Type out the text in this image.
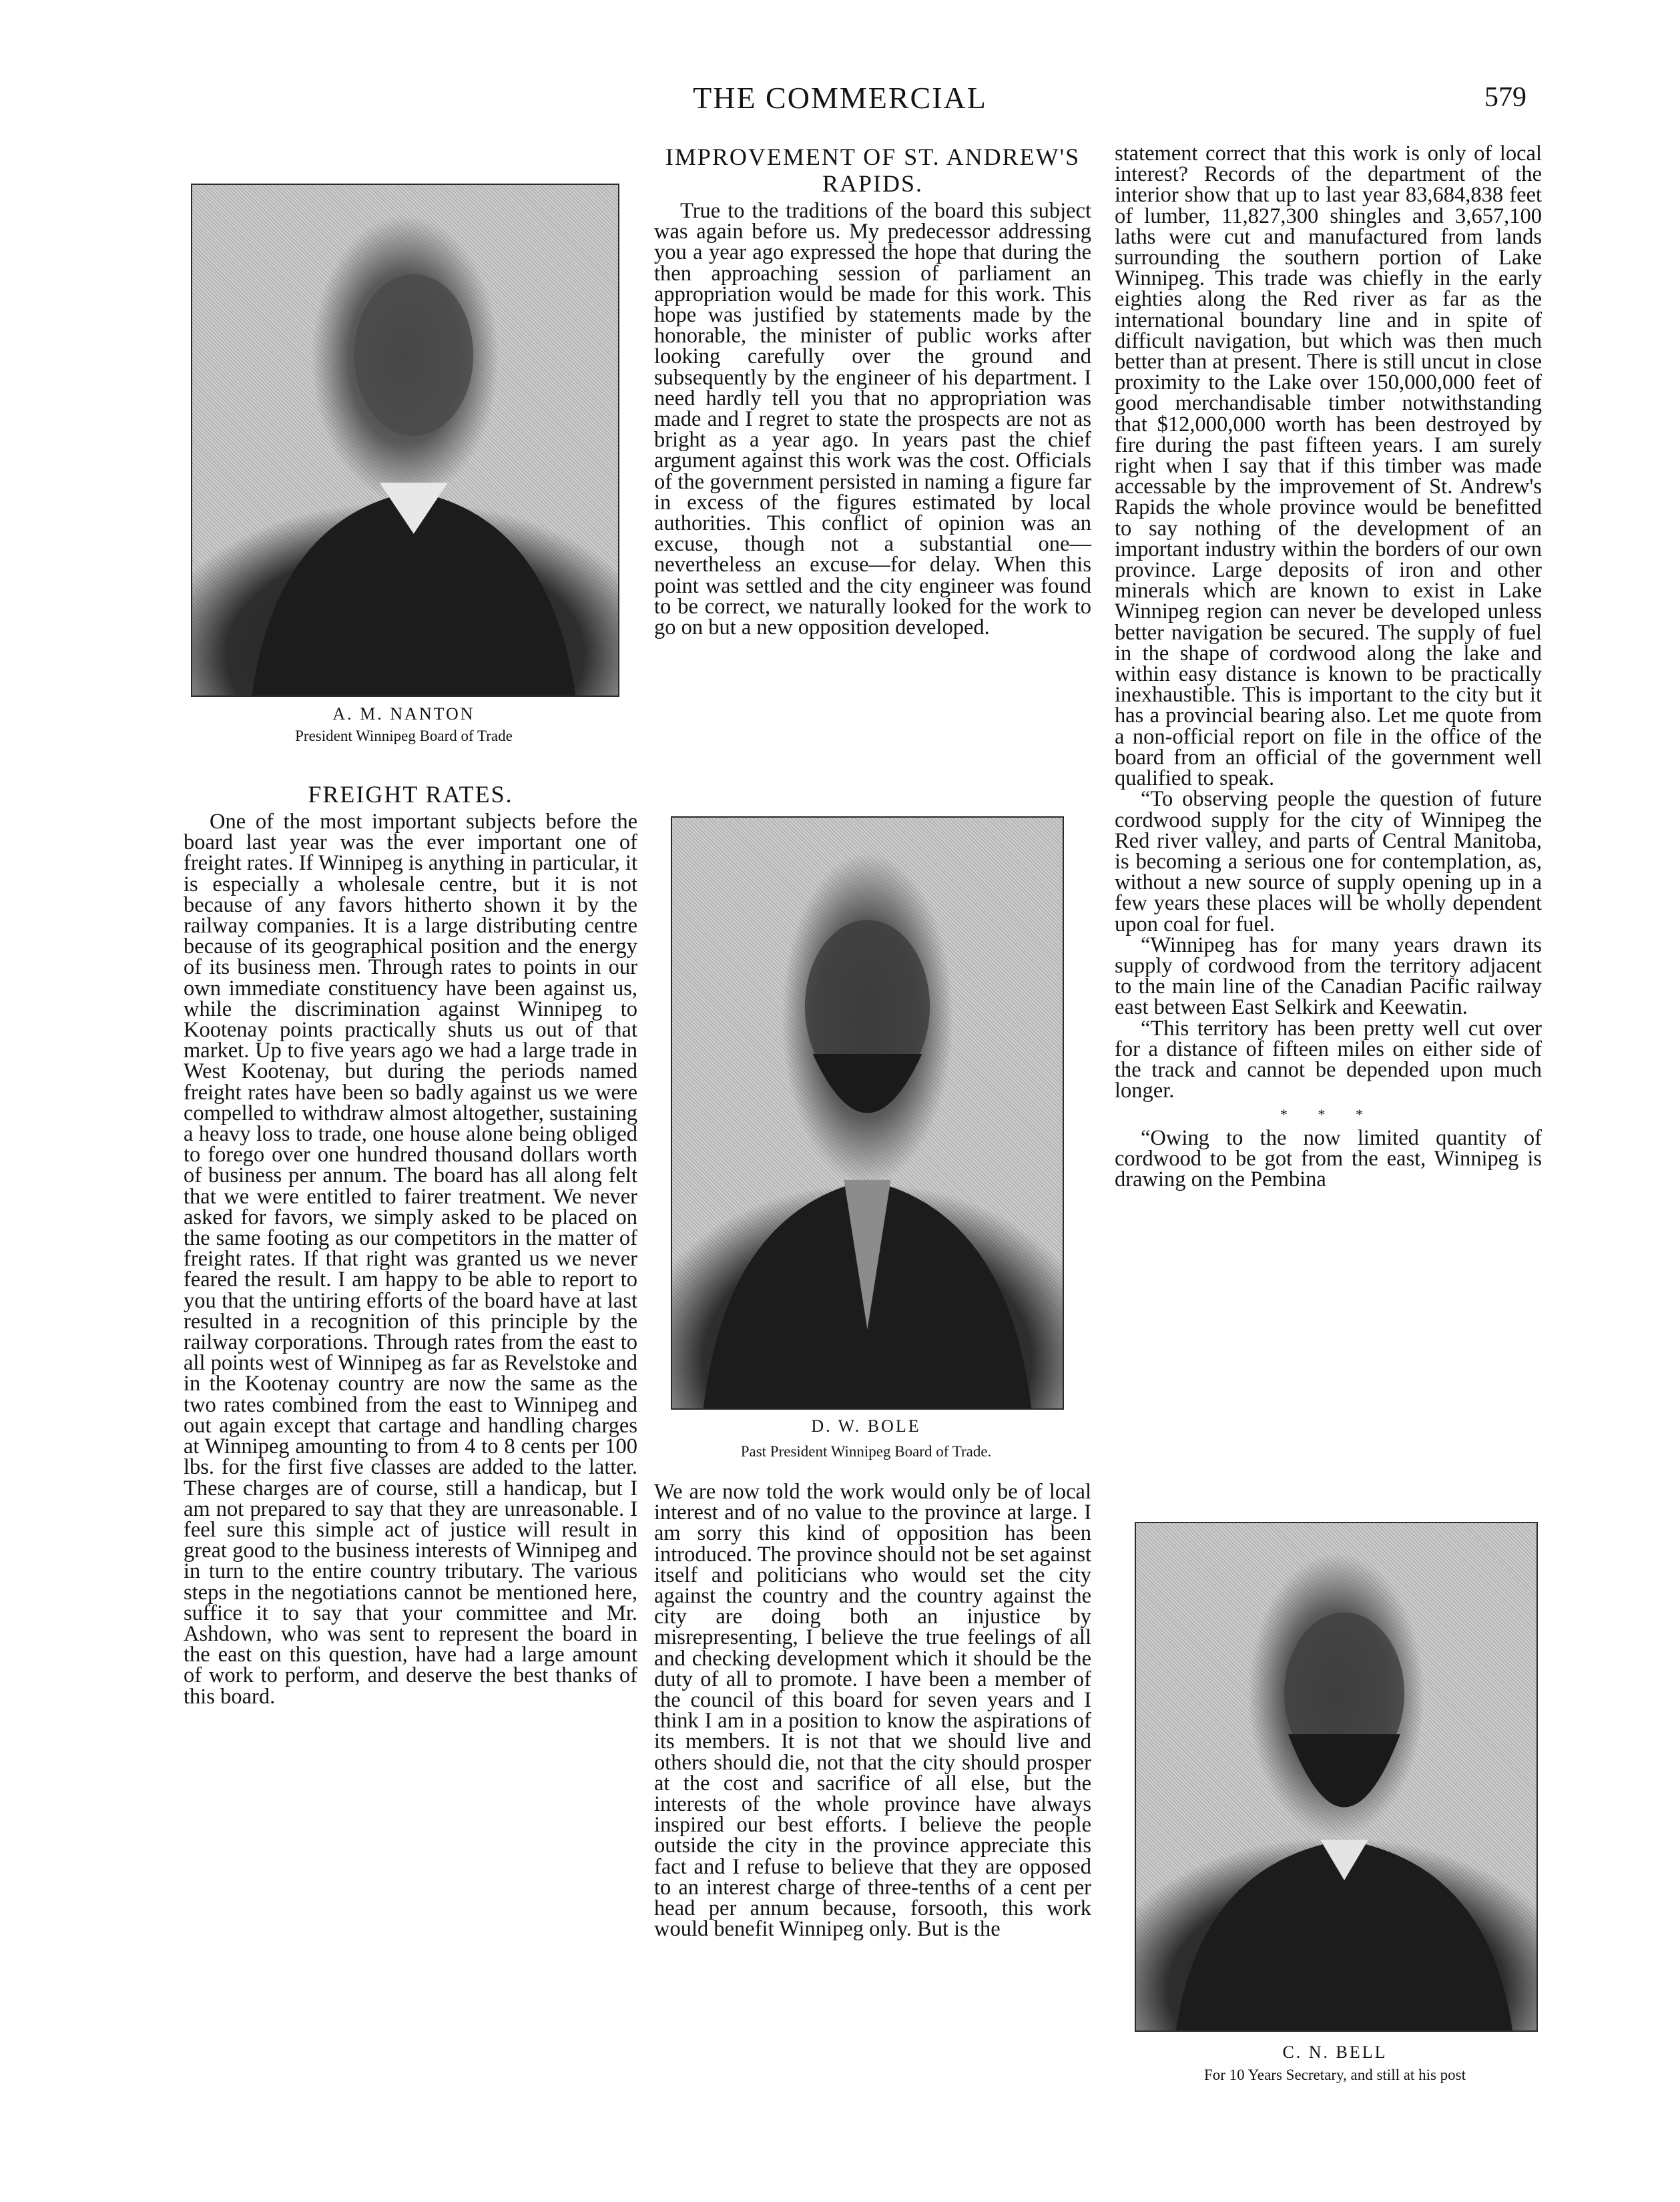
THE COMMERCIAL	579
A. M. NANTON
President Winnipeg Board of Trade
FREIGHT RATES.

One of the most important subjects before the board last year was the ever important one of freight rates. If Winnipeg is anything in particular, it is especially a wholesale centre, but it is not because of any favors hitherto shown it by the railway companies. It is a large distributing centre because of its geographical position and the energy of its business men. Through rates to points in our own immediate constituency have been against us, while the discrimination against Winnipeg to Kootenay points practically shuts us out of that market. Up to five years ago we had a large trade in West Kootenay, but during the periods named freight rates have been so badly against us we were compelled to withdraw almost altogether, sustaining a heavy loss to trade, one house alone being obliged to forego over one hundred thousand dollars worth of business per annum. The board has all along felt that we were entitled to fairer treatment. We never asked for favors, we simply asked to be placed on the same footing as our competitors in the matter of freight rates. If that right was granted us we never feared the result. I am happy to be able to report to you that the untiring efforts of the board have at last resulted in a recognition of this principle by the railway corporations. Through rates from the east to all points west of Winnipeg as far as Revelstoke and in the Kootenay country are now the same as the two rates combined from the east to Winnipeg and out again except that cartage and handling charges at Winnipeg amounting to from 4 to 8 cents per 100 lbs. for the first five classes are added to the latter. These charges are of course, still a handicap, but I am not prepared to say that they are unreasonable. I feel sure this simple act of justice will result in great good to the business interests of Winnipeg and in turn to the entire country tributary. The various steps in the negotiations cannot be mentioned here, suffice it to say that your committee and Mr. Ashdown, who was sent to represent the board in the east on this question, have had a large amount of work to perform, and deserve the best thanks of this board.

IMPROVEMENT OF ST. ANDREW'S RAPIDS.

True to the traditions of the board this subject was again before us. My predecessor addressing you a year ago expressed the hope that during the then approaching session of parliament an appropriation would be made for this work. This hope was justified by statements made by the honorable, the minister of public works after looking carefully over the ground and subsequently by the engineer of his department. I need hardly tell you that no appropriation was made and I regret to state the prospects are not as bright as a year ago. In years past the chief argument against this work was the cost. Officials of the government persisted in naming a figure far in excess of the figures estimated by local authorities. This conflict of opinion was an excuse, though not a substantial one—nevertheless an excuse—for delay. When this point was settled and the city engineer was found to be correct, we naturally looked for the work to go on but a new opposition developed.

D. W. BOLE
Past President Winnipeg Board of Trade.

We are now told the work would only be of local interest and of no value to the province at large. I am sorry this kind of opposition has been introduced. The province should not be set against itself and politicians who would set the city against the country and the country against the city are doing both an injustice by misrepresenting, I believe the true feelings of all and checking development which it should be the duty of all to promote. I have been a member of the council of this board for seven years and I think I am in a position to know the aspirations of its members. It is not that we should live and others should die, not that the city should prosper at the cost and sacrifice of all else, but the interests of the whole province have always inspired our best efforts. I believe the people outside the city in the province appreciate this fact and I refuse to believe that they are opposed to an interest charge of three-tenths of a cent per head per annum because, forsooth, this work would benefit Winnipeg only. But is the

statement correct that this work is only of local interest? Records of the department of the interior show that up to last year 83,684,838 feet of lumber, 11,827,300 shingles and 3,657,100 laths were cut and manufactured from lands surrounding the southern portion of Lake Winnipeg. This trade was chiefly in the early eighties along the Red river as far as the international boundary line and in spite of difficult navigation, but which was then much better than at present. There is still uncut in close proximity to the Lake over 150,000,000 feet of good merchandisable timber notwithstanding that $12,000,000 worth has been destroyed by fire during the past fifteen years. I am surely right when I say that if this timber was made accessable by the improvement of St. Andrew's Rapids the whole province would be benefitted to say nothing of the development of an important industry within the borders of our own province. Large deposits of iron and other minerals which are known to exist in Lake Winnipeg region can never be developed unless better navigation be secured. The supply of fuel in the shape of cordwood along the lake and within easy distance is known to be practically inexhaustible. This is important to the city but it has a provincial bearing also. Let me quote from a non-official report on file in the office of the board from an official of the government well qualified to speak.

“To observing people the question of future cordwood supply for the city of Winnipeg the Red river valley, and parts of Central Manitoba, is becoming a serious one for contemplation, as, without a new source of supply opening up in a few years these places will be wholly dependent upon coal for fuel.

“Winnipeg has for many years drawn its supply of cordwood from the territory adjacent to the main line of the Canadian Pacific railway east between East Selkirk and Keewatin.

“This territory has been pretty well cut over for a distance of fifteen miles on either side of the track and cannot be depended upon much longer.

* * *

“Owing to the now limited quantity of cordwood to be got from the east, Winnipeg is drawing on the Pembina

C. N. BELL
For 10 Years Secretary, and still at his post
